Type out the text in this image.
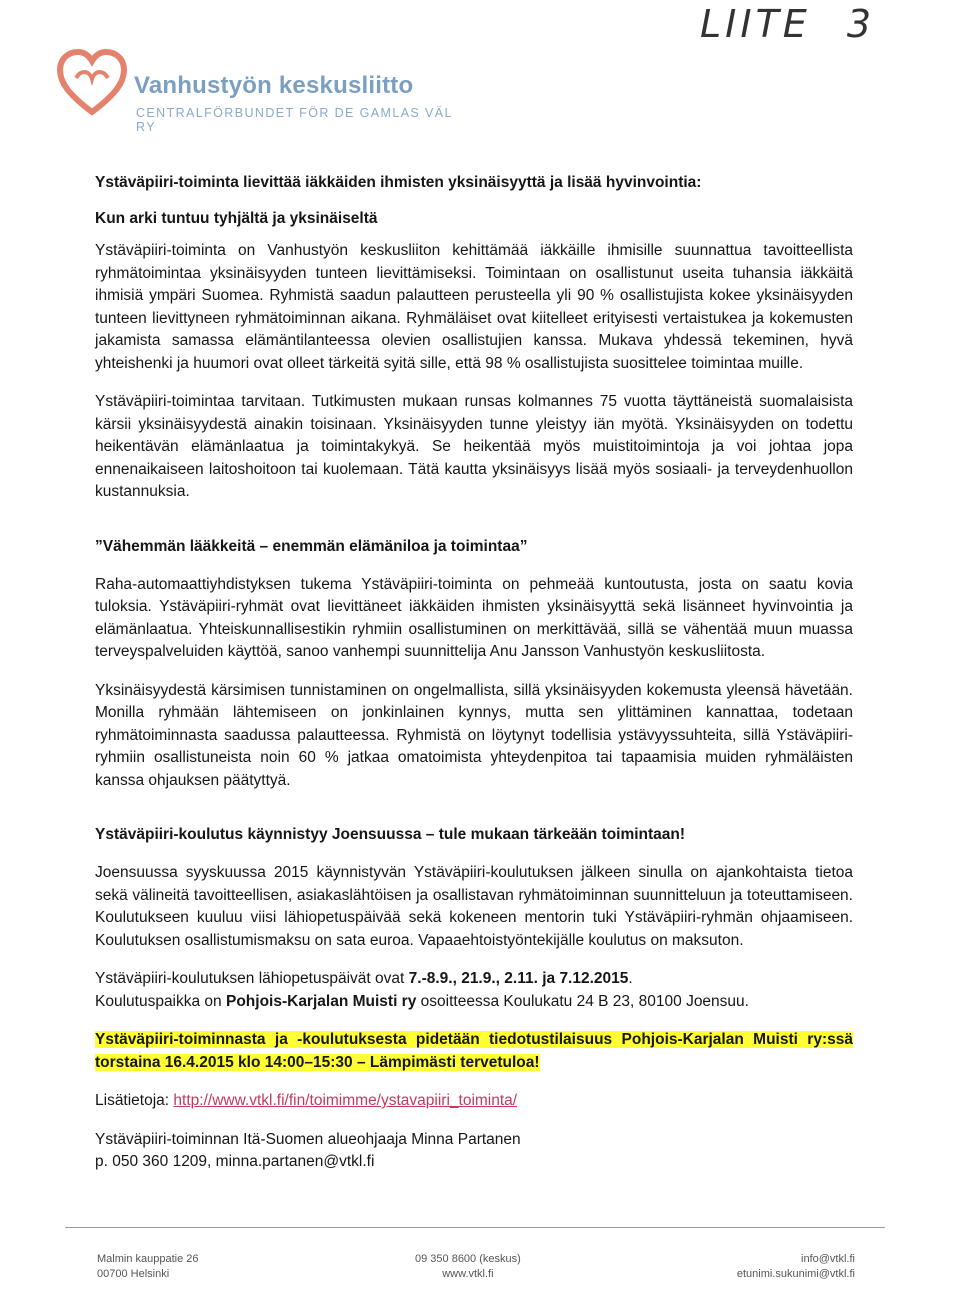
LIITE 3
Vanhustyön keskusliitto
CENTRALFÖRBUNDET FÖR DE GAMLAS VÄL RY

Ystäväpiiri-toiminta lievittää iäkkäiden ihmisten yksinäisyyttä ja lisää hyvinvointia:

Kun arki tuntuu tyhjältä ja yksinäiseltä

Ystäväpiiri-toiminta on Vanhustyön keskusliiton kehittämää iäkkäille ihmisille suunnattua tavoitteellista ryhmätoimintaa yksinäisyyden tunteen lievittämiseksi. Toimintaan on osallistunut useita tuhansia iäkkäitä ihmisiä ympäri Suomea. Ryhmistä saadun palautteen perusteella yli 90 % osallistujista kokee yksinäisyyden tunteen lievittyneen ryhmätoiminnan aikana. Ryhmäläiset ovat kiitelleet erityisesti vertaistukea ja kokemusten jakamista samassa elämäntilanteessa olevien osallistujien kanssa. Mukava yhdessä tekeminen, hyvä yhteishenki ja huumori ovat olleet tärkeitä syitä sille, että 98 % osallistujista suosittelee toimintaa muille.

Ystäväpiiri-toimintaa tarvitaan. Tutkimusten mukaan runsas kolmannes 75 vuotta täyttäneistä suomalaisista kärsii yksinäisyydestä ainakin toisinaan. Yksinäisyyden tunne yleistyy iän myötä. Yksinäisyyden on todettu heikentävän elämänlaatua ja toimintakykyä. Se heikentää myös muistitoimintoja ja voi johtaa jopa ennenaikaiseen laitoshoitoon tai kuolemaan. Tätä kautta yksinäisyys lisää myös sosiaali- ja terveydenhuollon kustannuksia.

”Vähemmän lääkkeitä – enemmän elämäniloa ja toimintaa”

Raha-automaattiyhdistyksen tukema Ystäväpiiri-toiminta on pehmeää kuntoutusta, josta on saatu kovia tuloksia. Ystäväpiiri-ryhmät ovat lievittäneet iäkkäiden ihmisten yksinäisyyttä sekä lisänneet hyvinvointia ja elämänlaatua. Yhteiskunnallisestikin ryhmiin osallistuminen on merkittävää, sillä se vähentää muun muassa terveyspalveluiden käyttöä, sanoo vanhempi suunnittelija Anu Jansson Vanhustyön keskusliitosta.

Yksinäisyydestä kärsimisen tunnistaminen on ongelmallista, sillä yksinäisyyden kokemusta yleensä hävetään. Monilla ryhmään lähtemiseen on jonkinlainen kynnys, mutta sen ylittäminen kannattaa, todetaan ryhmätoiminnasta saadussa palautteessa. Ryhmistä on löytynyt todellisia ystävyyssuhteita, sillä Ystäväpiiri-ryhmiin osallistuneista noin 60 % jatkaa omatoimista yhteydenpitoa tai tapaamisia muiden ryhmäläisten kanssa ohjauksen päätyttyä.

Ystäväpiiri-koulutus käynnistyy Joensuussa – tule mukaan tärkeään toimintaan!

Joensuussa syyskuussa 2015 käynnistyvän Ystäväpiiri-koulutuksen jälkeen sinulla on ajankohtaista tietoa sekä välineitä tavoitteellisen, asiakaslähtöisen ja osallistavan ryhmätoiminnan suunnitteluun ja toteuttamiseen. Koulutukseen kuuluu viisi lähiopetuspäivää sekä kokeneen mentorin tuki Ystäväpiiri-ryhmän ohjaamiseen. Koulutuksen osallistumismaksu on sata euroa. Vapaaehtoistyöntekijälle koulutus on maksuton.

Ystäväpiiri-koulutuksen lähiopetuspäivät ovat 7.-8.9., 21.9., 2.11. ja 7.12.2015.

Koulutuspaikka on Pohjois-Karjalan Muisti ry osoitteessa Koulukatu 24 B 23, 80100 Joensuu.

Ystäväpiiri-toiminnasta ja -koulutuksesta pidetään tiedotustilaisuus Pohjois-Karjalan Muisti ry:ssä torstaina 16.4.2015 klo 14:00–15:30 – Lämpimästi tervetuloa!

Lisätietoja: http://www.vtkl.fi/fin/toimimme/ystavapiiri_toiminta/

Ystäväpiiri-toiminnan Itä-Suomen alueohjaaja Minna Partanen

p. 050 360 1209, minna.partanen@vtkl.fi

Malmin kauppatie 26
00700 Helsinki
09 350 8600 (keskus)
www.vtkl.fi
info@vtkl.fi
etunimi.sukunimi@vtkl.fi
